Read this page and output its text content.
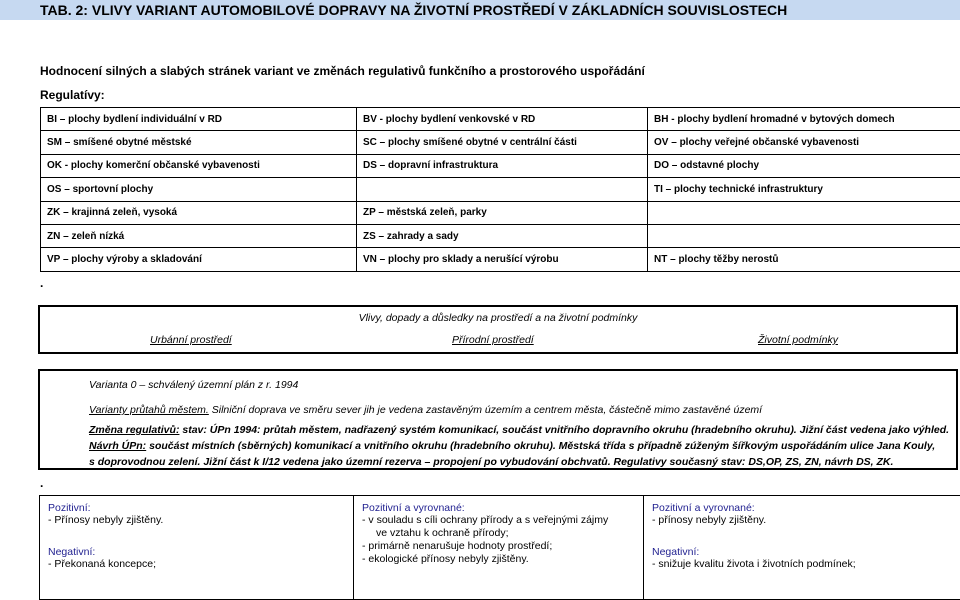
TAB. 2: VLIVY VARIANT AUTOMOBILOVÉ DOPRAVY NA ŽIVOTNÍ PROSTŘEDÍ V ZÁKLADNÍCH SOUVISLOSTECH
Hodnocení silných a slabých stránek variant ve změnách regulativů funkčního a prostorového uspořádání
Regulatívy:
BI – plochy bydlení individuální v RD	BV - plochy bydlení venkovské v RD	BH - plochy bydlení hromadné v bytových domech
SM – smíšené obytné městské	SC – plochy smíšené obytné v centrální části	OV – plochy veřejné občanské vybavenosti
OK - plochy komerční občanské vybavenosti	DS – dopravní infrastruktura	DO – odstavné plochy
OS – sportovní plochy		TI – plochy technické infrastruktury
ZK – krajinná zeleň, vysoká	ZP – městská zeleň, parky	
ZN – zeleň nízká	ZS – zahrady a sady	
VP – plochy výroby a skladování	VN – plochy pro sklady a nerušící výrobu	NT – plochy těžby nerostů
.
Vlivy, dopady a důsledky na prostředí a na životní podmínky
Urbánní prostředí	Přírodní prostředí	Životní podmínky
Varianta 0 – schválený územní plán z r. 1994
Varianty průtahů městem. Silniční doprava ve směru sever jih je vedena zastavěným územím a centrem města, částečně mimo zastavěné území
Změna regulativů: stav: ÚPn 1994: průtah městem, nadřazený systém komunikací, součást vnitřního dopravního okruhu (hradebního okruhu). Jižní část vedena jako výhled.
Návrh ÚPn: součást místních (sběrných) komunikací a vnitřního okruhu (hradebního okruhu). Městská třída s případně zúženým šířkovým uspořádáním ulice Jana Kouly,
s doprovodnou zelení. Jižní část k I/12 vedena jako územní rezerva – propojení po vybudování obchvatů. Regulativy současný stav: DS,OP, ZS, ZN, návrh DS, ZK.
.
Pozitivní:
- Přínosy nebyly zjištěny.
Negativní:
- Překonaná koncepce;

Pozitivní a vyrovnané:
- v souladu s cíli ochrany přírody a s veřejnými zájmy
vе vztahu k ochraně přírody;
- primárně nenarušuje hodnoty prostředí;
- ekologické přínosy nebyly zjištěny.

Pozitivní a vyrovnané:
- přínosy nebyly zjištěny.
Negativní:
- snižuje kvalitu života i životních podmínek;
